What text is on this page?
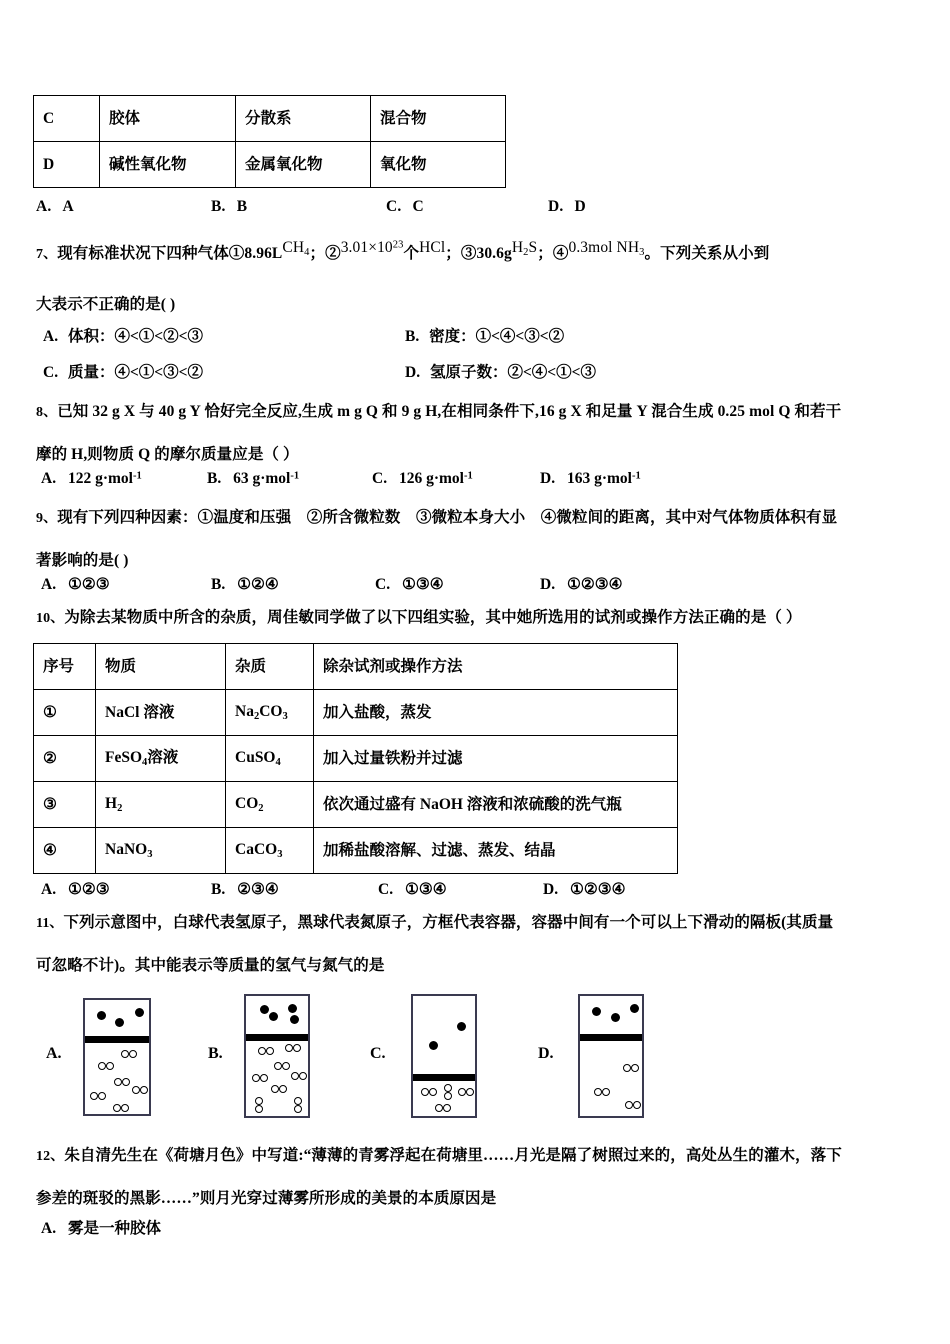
C	胶体	分散系	混合物
D	碱性氧化物	金属氧化物	氧化物
A. A	B. B	C. C	D. D
7、现有标准状况下四种气体$①8.96LCH_4$；$②3.01\times 10^{23}$个HCl；$③30.6gH_2S$；④0.3mol $NH_3$。下列关系从小到
大表示不正确的是( )
A. 体积：④<①<②<③	B. 密度：①<④<③<②
C. 质量：④<①<③<②	D. 氢原子数：②<④<①<③
8、已知 32 g X 与 40 g Y 恰好完全反应,生成 m g Q 和 9 g H,在相同条件下,16 g X 和足量 Y 混合生成 0.25 mol Q 和若干
摩的 H,则物质 Q 的摩尔质量应是（ ）
A. 122 g·mol$^{-1}$	B. 63 g·mol$^{-1}$	C. 126 g·mol$^{-1}$	D. 163 g·mol$^{-1}$
9、现有下列四种因素：①温度和压强　②所含微粒数　③微粒本身大小　④微粒间的距离，其中对气体物质体积有显
著影响的是( )
A. ①②③	B. ①②④	C. ①③④	D. ①②③④
10、为除去某物质中所含的杂质，周佳敏同学做了以下四组实验，其中她所选用的试剂或操作方法正确的是（ ）
序号	物质	杂质	除杂试剂或操作方法
①	NaCl 溶液	$Na_2CO_3$	加入盐酸，蒸发
②	FeSO$_4$溶液	CuSO$_4$	加入过量铁粉并过滤
③	$H_2$	$CO_2$	依次通过盛有 NaOH 溶液和浓硫酸的洗气瓶
④	NaNO$_3$	CaCO$_3$	加稀盐酸溶解、过滤、蒸发、结晶
A. ①②③	B. ②③④	C. ①③④	D. ①②③④
11、下列示意图中，白球代表氢原子，黑球代表氮原子，方框代表容器，容器中间有一个可以上下滑动的隔板(其质量
可忽略不计)。其中能表示等质量的氢气与氮气的是
A.	B.	C.	D.
12、朱自清先生在《荷塘月色》中写道:“薄薄的青雾浮起在荷塘里……月光是隔了树照过来的，高处丛生的灌木，落下
参差的斑驳的黑影……”则月光穿过薄雾所形成的美景的本质原因是
A. 雾是一种胶体
